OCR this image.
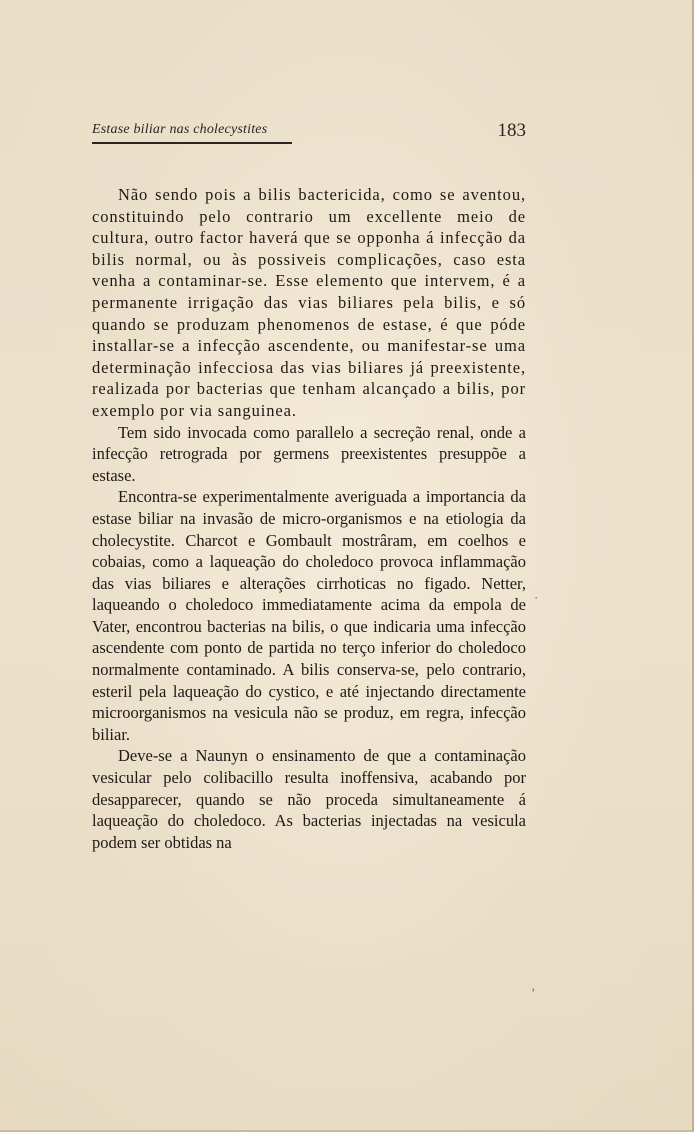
Estase biliar nas cholecystites	183

Não sendo pois a bilis bactericida, como se aventou, constituindo pelo contrario um excellente meio de cultura, outro factor haverá que se opponha á infecção da bilis normal, ou às possiveis complicações, caso esta venha a contaminar-se. Esse elemento que intervem, é a permanente irrigação das vias biliares pela bilis, e só quando se produzam phenomenos de estase, é que póde installar-se a infecção ascendente, ou manifestar-se uma determinação infecciosa das vias biliares já preexistente, realizada por bacterias que tenham alcançado a bilis, por exemplo por via sanguinea.

Tem sido invocada como parallelo a secreção renal, onde a infecção retrograda por germens preexistentes presuppõe a estase.

Encontra-se experimentalmente averiguada a importancia da estase biliar na invasão de micro-organismos e na etiologia da cholecystite. Charcot e Gombault mostrâram, em coelhos e cobaias, como a laqueação do choledoco provoca inflammação das vias biliares e alterações cirrhoticas no figado. Netter, laqueando o choledoco immediatamente acima da empola de Vater, encontrou bacterias na bilis, o que indicaria uma infecção ascendente com ponto de partida no terço inferior do choledoco normalmente contaminado. A bilis conserva-se, pelo contrario, esteril pela laqueação do cystico, e até injectando directamente microorganismos na vesicula não se produz, em regra, infecção biliar.

Deve-se a Naunyn o ensinamento de que a contaminação vesicular pelo colibacillo resulta inoffensiva, acabando por desapparecer, quando se não proceda simultaneamente á laqueação do choledoco. As bacterias injectadas na vesicula podem ser obtidas na

ʼ
·
